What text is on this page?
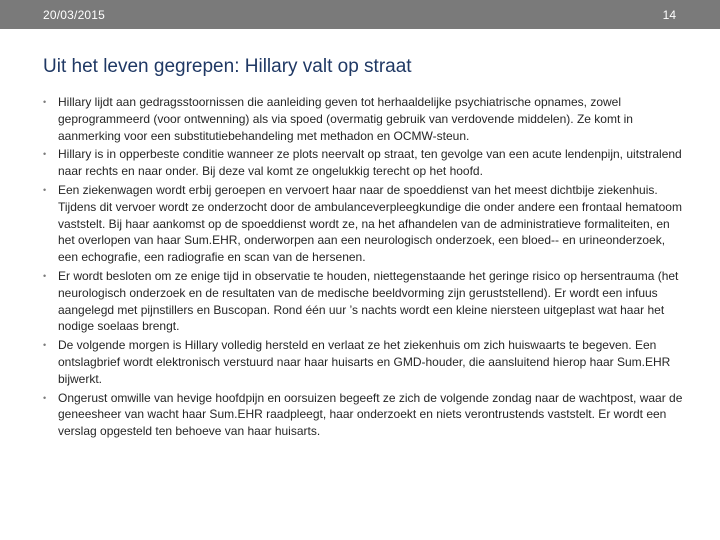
20/03/2015	14
Uit het leven gegrepen: Hillary valt op straat
• Hillary lijdt aan gedragsstoornissen die aanleiding geven tot herhaaldelijke psychiatrische opnames, zowel geprogrammeerd (voor ontwenning) als via spoed (overmatig gebruik van verdovende middelen). Ze komt in aanmerking voor een substitutiebehandeling met methadon en OCMW-steun.
• Hillary is in opperbeste conditie wanneer ze plots neervalt op straat, ten gevolge van een acute lendenpijn, uitstralend naar rechts en naar onder. Bij deze val komt ze ongelukkig terecht op het hoofd.
• Een ziekenwagen wordt erbij geroepen en vervoert haar naar de spoeddienst van het meest dichtbije ziekenhuis. Tijdens dit vervoer wordt ze onderzocht door de ambulanceverpleegkundige die onder andere een frontaal hematoom vaststelt. Bij haar aankomst op de spoeddienst wordt ze, na het afhandelen van de administratieve formaliteiten, en het overlopen van haar Sum.EHR, onderworpen aan een neurologisch onderzoek, een bloed-- en urineonderzoek, een echografie, een radiografie en scan van de hersenen.
• Er wordt besloten om ze enige tijd in observatie te houden, niettegenstaande het geringe risico op hersentrauma (het neurologisch onderzoek en de resultaten van de medische beeldvorming zijn geruststellend). Er wordt een infuus aangelegd met pijnstillers en Buscopan. Rond één uur ’s nachts wordt een kleine niersteen uitgeplast wat haar het nodige soelaas brengt.
• De volgende morgen is Hillary volledig hersteld en verlaat ze het ziekenhuis om zich huiswaarts te begeven. Een ontslagbrief wordt elektronisch verstuurd naar haar huisarts en GMD-houder, die aansluitend hierop haar Sum.EHR bijwerkt.
• Ongerust omwille van hevige hoofdpijn en oorsuizen begeeft ze zich de volgende zondag naar de wachtpost, waar de geneesheer van wacht haar Sum.EHR raadpleegt, haar onderzoekt en niets verontrustends vaststelt. Er wordt een verslag opgesteld ten behoeve van haar huisarts.
